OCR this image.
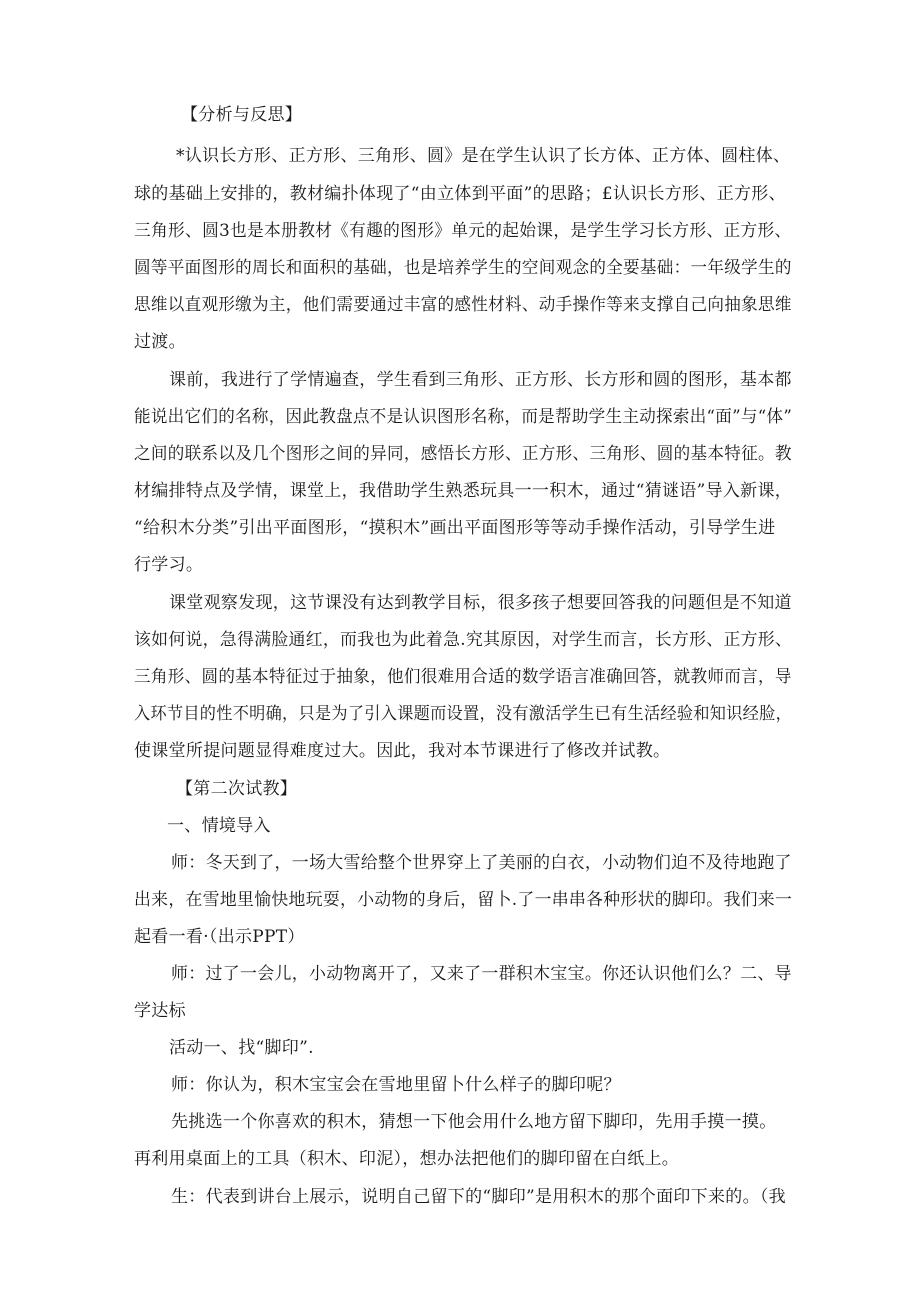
【分析与反思】
*认识长方形、正方形、三角形、圆》是在学生认识了长方体、正方体、圆柱体、
球的基础上安排的，教材编扑体现了“由立体到平面”的思路；£认识长方形、正方形、
三角形、圆3也是本册教材《有趣的图形》单元的起始课，是学生学习长方形、正方形、
圆等平面图形的周长和面积的基础，也是培养学生的空间观念的全要基础：一年级学生的
思维以直观形缴为主，他们需要通过丰富的感性材料、动手操作等来支撑自己向抽象思维
过渡。
课前，我进行了学情遍查，学生看到三角形、正方形、长方形和圆的图形，基本都
能说出它们的名称，因此教盘点不是认识图形名称，而是帮助学生主动探索出“面”与“体”
之间的联系以及几个图形之间的异同，感悟长方形、正方形、三角形、圆的基本特征。教
材编排特点及学情，课堂上，我借助学生熟悉玩具一一积木，通过“猜谜语”导入新课，
“给积木分类”引出平面图形，“摸积木”画出平面图形等等动手操作活动，引导学生进
行学习。
课堂观察发现，这节课没有达到教学目标，很多孩子想要回答我的问题但是不知道
该如何说，急得满脸通红，而我也为此着急.究其原因，对学生而言，长方形、正方形、
三角形、圆的基本特征过于抽象，他们很难用合适的数学语言准确回答，就教师而言，导
入环节目的性不明确，只是为了引入课题而设置，没有激活学生已有生活经验和知识经脸，
使课堂所提问题显得难度过大。因此，我对本节课进行了修改并试教。
【第二次试教】
一、情境导入
师：冬天到了，一场大雪给整个世界穿上了美丽的白衣，小动物们迫不及待地跑了
出来，在雪地里愉快地玩耍，小动物的身后，留卜.了一串串各种形状的脚印。我们来一
起看一看·（出示PPT）
师：过了一会儿，小动物离开了，又来了一群积木宝宝。你还认识他们么？二、导
学达标
活动一、找“脚印”.
师：你认为，积木宝宝会在雪地里留卜什么样子的脚印呢？
先挑选一个你喜欢的积木，猜想一下他会用什么地方留下脚印，先用手摸一摸。
再利用桌面上的工具（积木、印泥），想办法把他们的脚印留在白纸上。
生：代表到讲台上展示，说明自己留下的“脚印”是用积木的那个面印下来的。（我
